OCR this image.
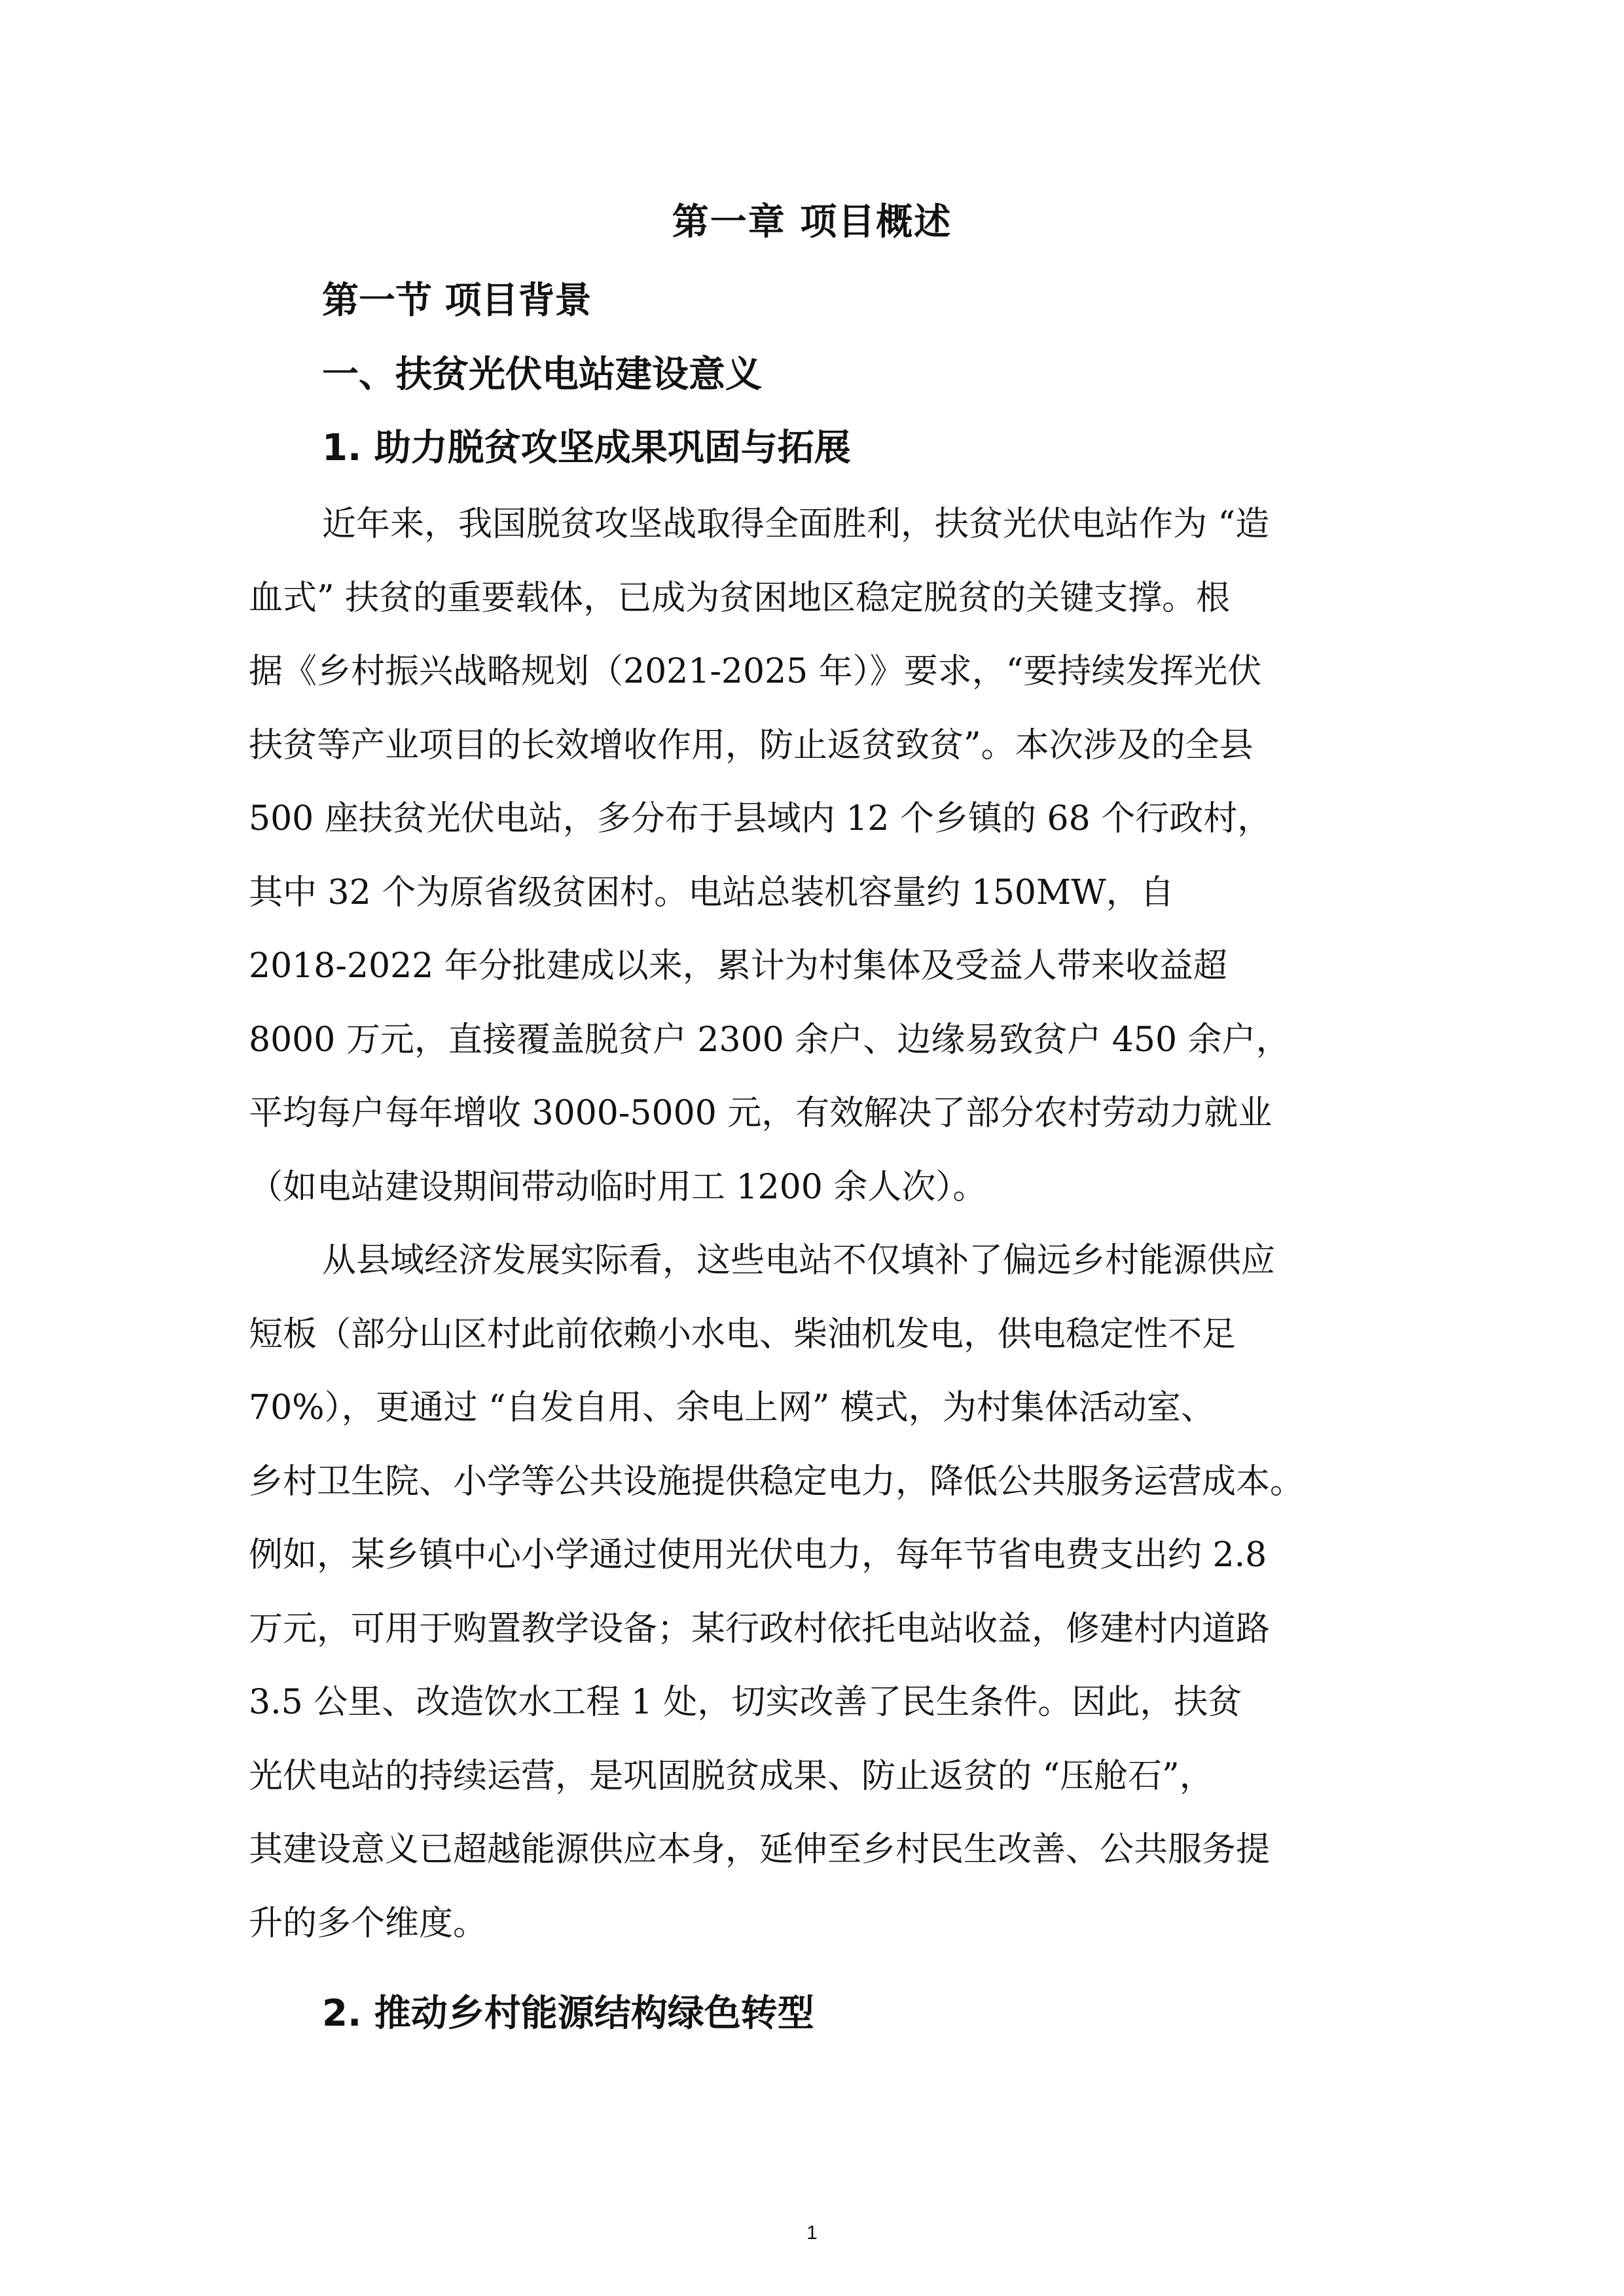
第一章 项目概述
第一节 项目背景
一、扶贫光伏电站建设意义
1. 助力脱贫攻坚成果巩固与拓展
近年来，我国脱贫攻坚战取得全面胜利，扶贫光伏电站作为 “造
血式” 扶贫的重要载体，已成为贫困地区稳定脱贫的关键支撑。根
据《乡村振兴战略规划（2021-2025 年）》要求，“要持续发挥光伏
扶贫等产业项目的长效增收作用，防止返贫致贫”。本次涉及的全县
500 座扶贫光伏电站，多分布于县域内 12 个乡镇的 68 个行政村，
其中 32 个为原省级贫困村。电站总装机容量约 150MW，自
2018-2022 年分批建成以来，累计为村集体及受益人带来收益超
8000 万元，直接覆盖脱贫户 2300 余户、边缘易致贫户 450 余户，
平均每户每年增收 3000-5000 元，有效解决了部分农村劳动力就业
（如电站建设期间带动临时用工 1200 余人次）。
从县域经济发展实际看，这些电站不仅填补了偏远乡村能源供应
短板（部分山区村此前依赖小水电、柴油机发电，供电稳定性不足
70%），更通过 “自发自用、余电上网” 模式，为村集体活动室、
乡村卫生院、小学等公共设施提供稳定电力，降低公共服务运营成本。
例如，某乡镇中心小学通过使用光伏电力，每年节省电费支出约 2.8
万元，可用于购置教学设备；某行政村依托电站收益，修建村内道路
3.5 公里、改造饮水工程 1 处，切实改善了民生条件。因此，扶贫
光伏电站的持续运营，是巩固脱贫成果、防止返贫的 “压舱石”，
其建设意义已超越能源供应本身，延伸至乡村民生改善、公共服务提
升的多个维度。
2. 推动乡村能源结构绿色转型
1
